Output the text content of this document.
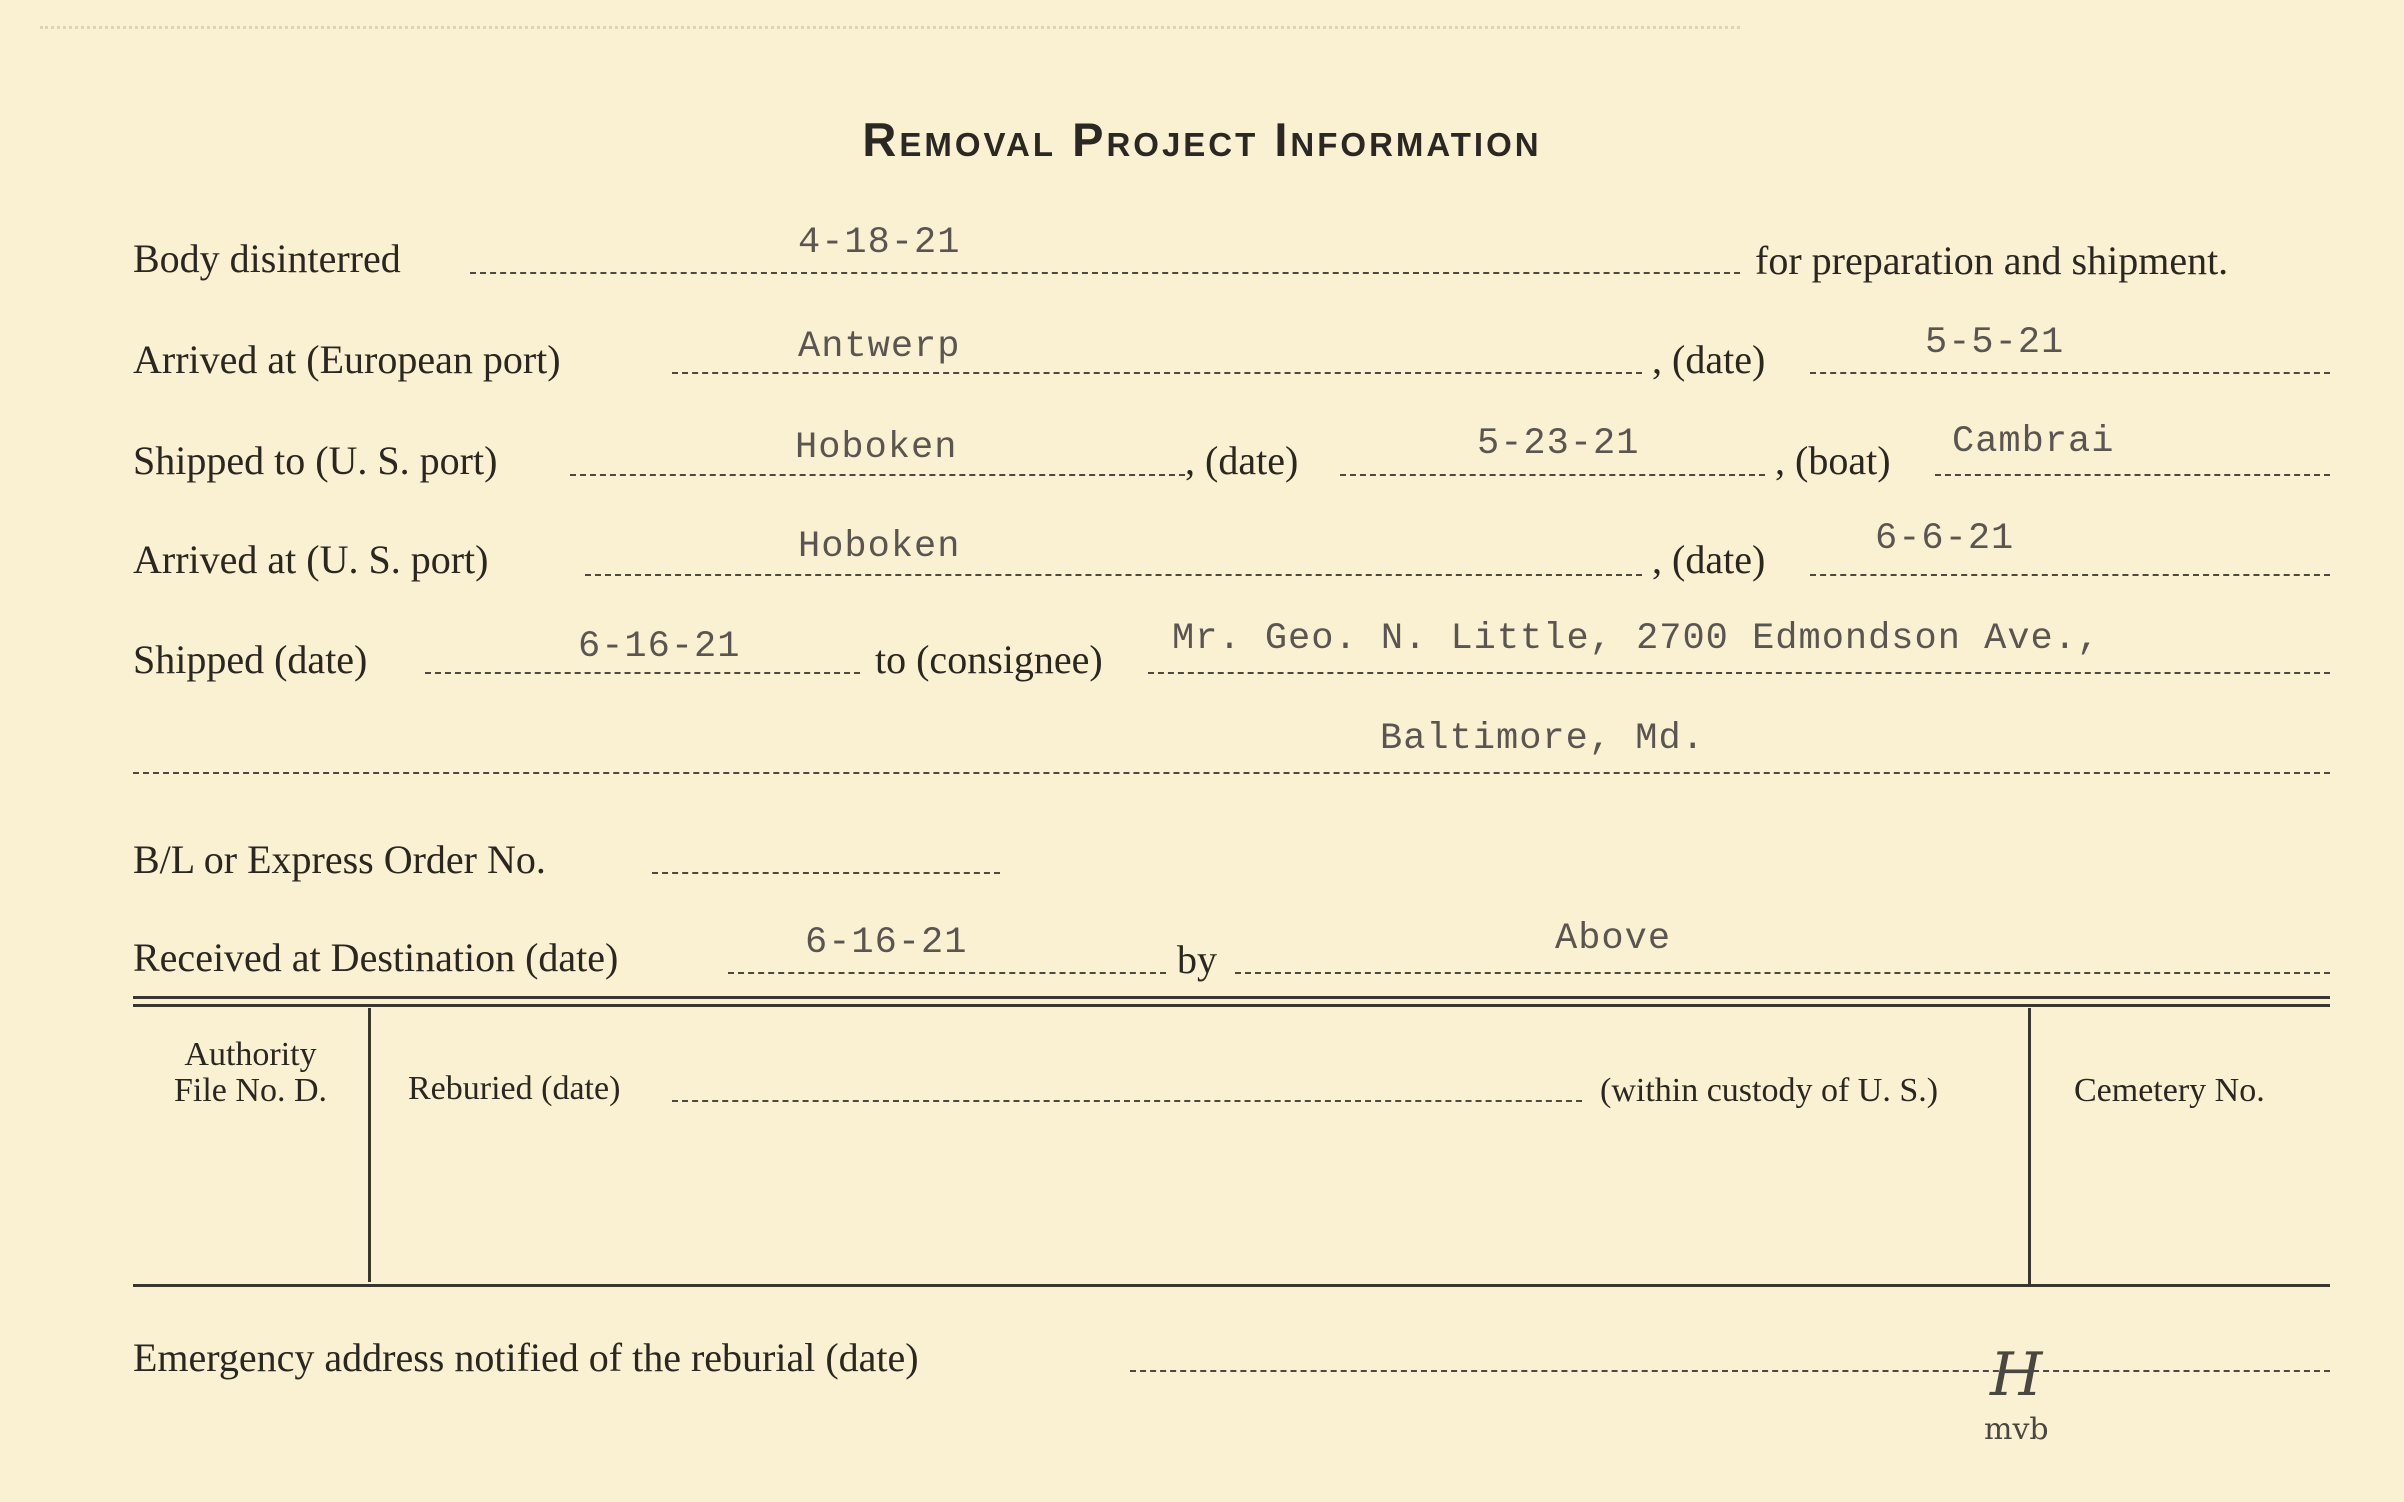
Removal Project Information
Body disinterred	4-18-21	for preparation and shipment.
Arrived at (European port)	Antwerp	, (date)	5-5-21
Shipped to (U. S. port)	Hoboken	, (date)	5-23-21	, (boat) Cambrai
Arrived at (U. S. port)	Hoboken	, (date)	6-6-21
Shipped (date)	6-16-21	to (consignee) Mr. Geo. N. Little, 2700 Edmondson Ave.,
Baltimore, Md.
B/L or Express Order No.
Received at Destination (date)	6-16-21	by	Above
Authority
File No. D.	Reburied (date)	(within custody of U. S.)	Cemetery No.
Emergency address notified of the reburial (date)	H
mvb
